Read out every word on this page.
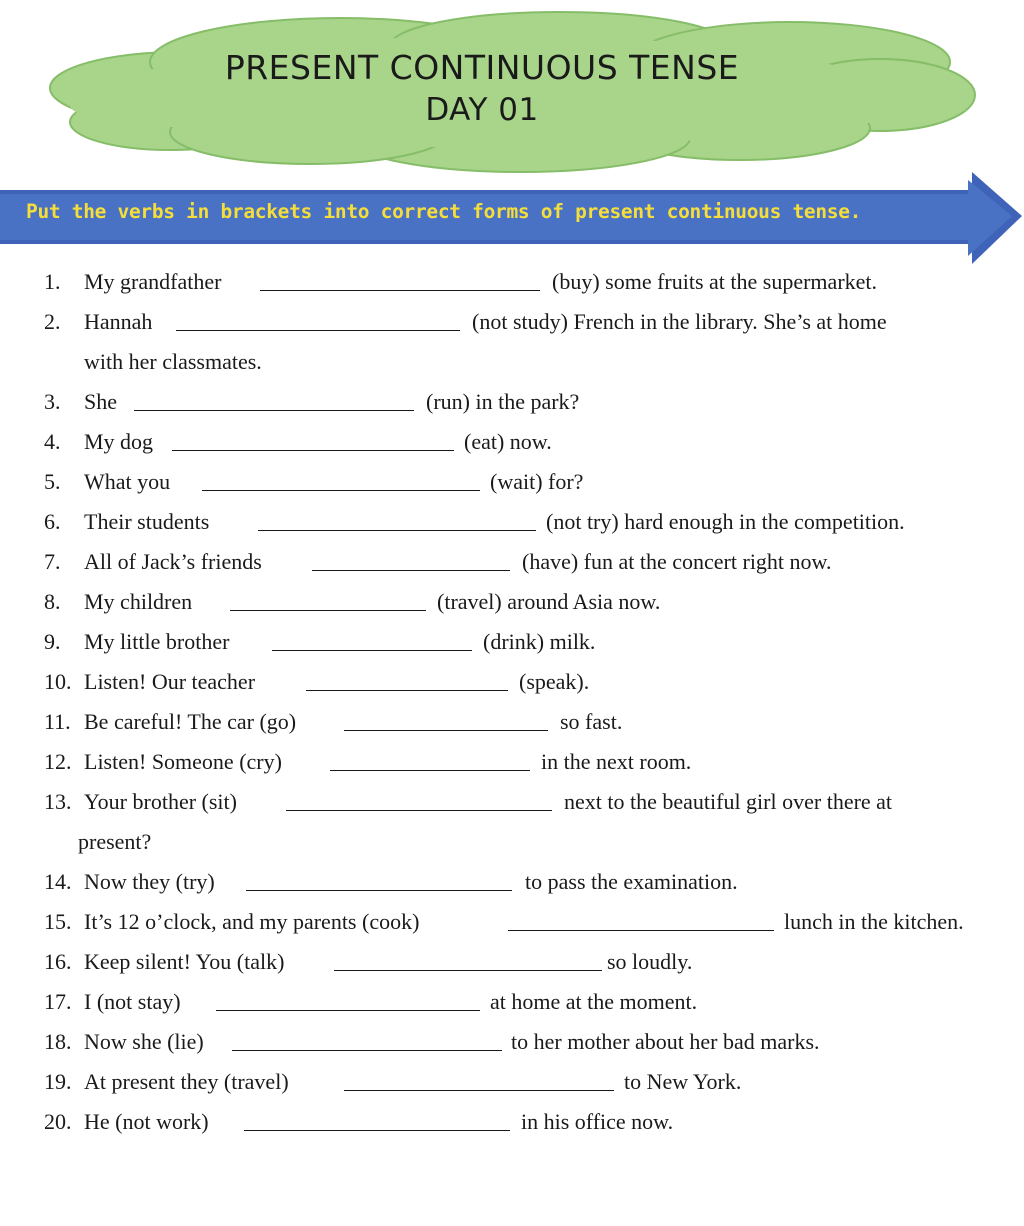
PRESENT CONTINUOUS TENSE
DAY 01
Put the verbs in brackets into correct forms of present continuous tense.
1.	My grandfather	(buy) some fruits at the supermarket.
2.	Hannah	(not study) French in the library. She’s at home
with her classmates.
3.	She	(run) in the park?
4.	My dog	(eat) now.
5.	What you	(wait) for?
6.	Their students	(not try) hard enough in the competition.
7.	All of Jack’s friends	(have) fun at the concert right now.
8.	My children	(travel) around Asia now.
9.	My little brother	(drink) milk.
10. Listen! Our teacher	(speak).
11. Be careful! The car (go)	so fast.
12. Listen! Someone (cry)	in the next room.
13. Your brother (sit)	next to the beautiful girl over there at
present?
14. Now they (try)	to pass the examination.
15. It’s 12 o’clock, and my parents (cook)	lunch in the kitchen.
16. Keep silent! You (talk)	so loudly.
17. I (not stay)	at home at the moment.
18. Now she (lie)	to her mother about her bad marks.
19. At present they (travel)	to New York.
20. He (not work)	in his office now.
